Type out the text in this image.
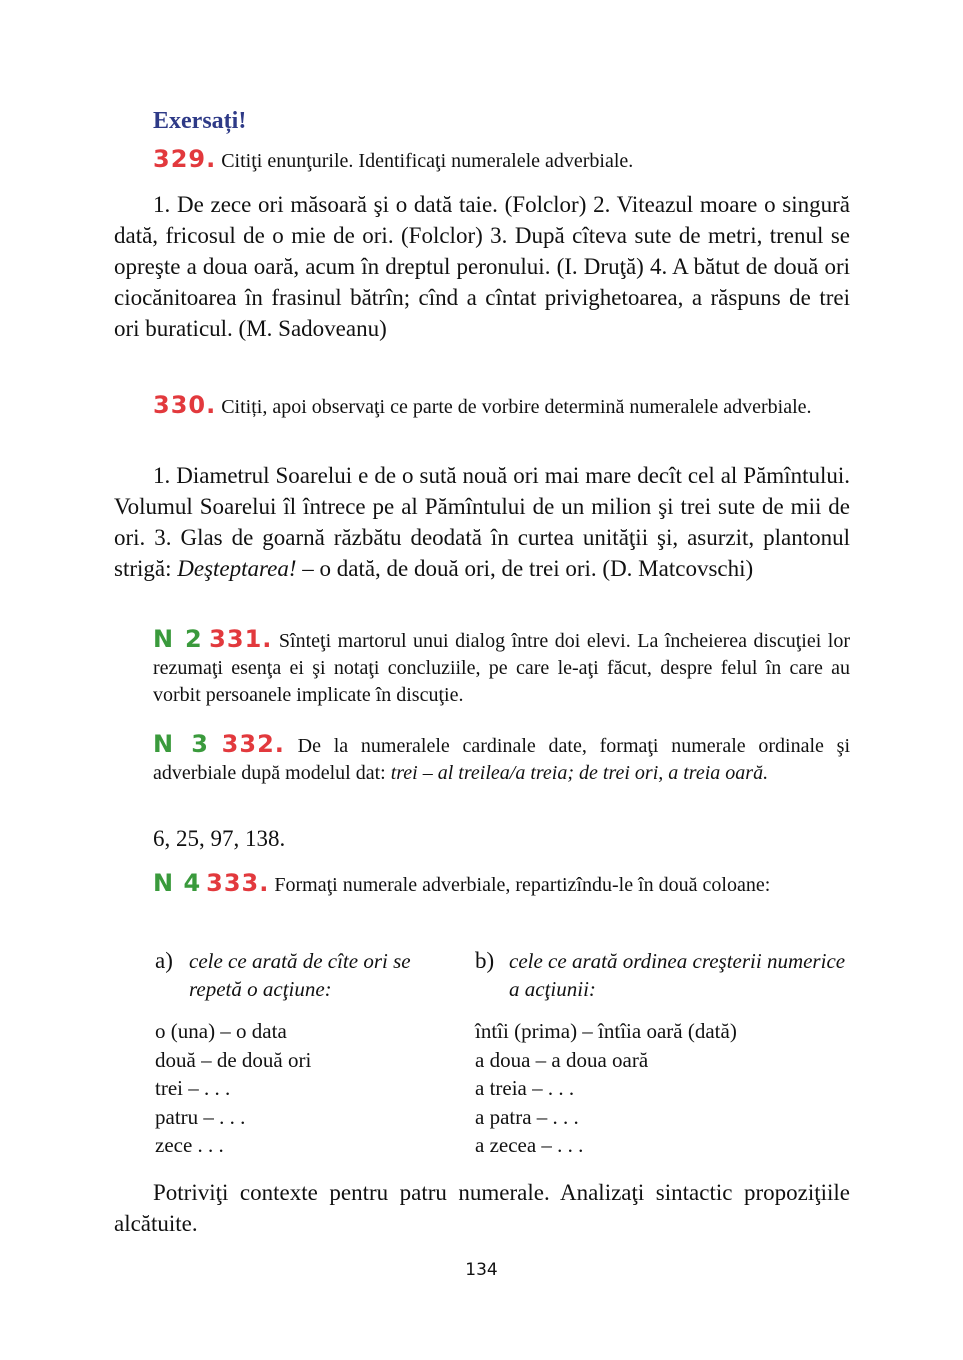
Exersați!
329. Citiţi enunţurile. Identificaţi numeralele adverbiale.
1. De zece ori măsoară şi o dată taie. (Folclor) 2. Viteazul moare o singură dată, fricosul de o mie de ori. (Folclor) 3. După cîteva sute de metri, trenul se opreşte a doua oară, acum în dreptul peronului. (I. Druţă) 4. A bătut de două ori ciocănitoarea în frasinul bătrîn; cînd a cîntat privighetoarea, a răspuns de trei ori buraticul. (M. Sadoveanu)
330. Citiți, apoi observaţi ce parte de vorbire determină numeralele adverbiale.
1. Diametrul Soarelui e de o sută nouă ori mai mare decît cel al Pămîntului. Volumul Soarelui îl întrece pe al Pămîntului de un milion şi trei sute de mii de ori. 3. Glas de goarnă răzbătu deodată în curtea unităţii şi, asurzit, plantonul strigă: Deşteptarea! – o dată, de două ori, de trei ori. (D. Matcovschi)
N 2 331. Sînteţi martorul unui dialog între doi elevi. La încheierea discuţiei lor rezumaţi esenţa ei şi notaţi concluziile, pe care le-aţi făcut, despre felul în care au vorbit persoanele implicate în discuţie.
N 3 332. De la numeralele cardinale date, formaţi numerale ordinale şi adverbiale după modelul dat: trei – al treilea/a treia; de trei ori, a treia oară.
6, 25, 97, 138.
N 4 333. Formaţi numerale adverbiale, repartizîndu-le în două coloane:
a) cele ce arată de cîte ori se repetă o acţiune:
o (una) – o data
două – de două ori
trei – . . .
patru – . . .
zece . . .
b) cele ce arată ordinea creşterii numerice a acţiunii:
întîi (prima) – întîia oară (dată)
a doua – a doua oară
a treia – . . .
a patra – . . .
a zecea – . . .
Potriviţi contexte pentru patru numerale. Analizaţi sintactic propoziţiile alcătuite.
134
